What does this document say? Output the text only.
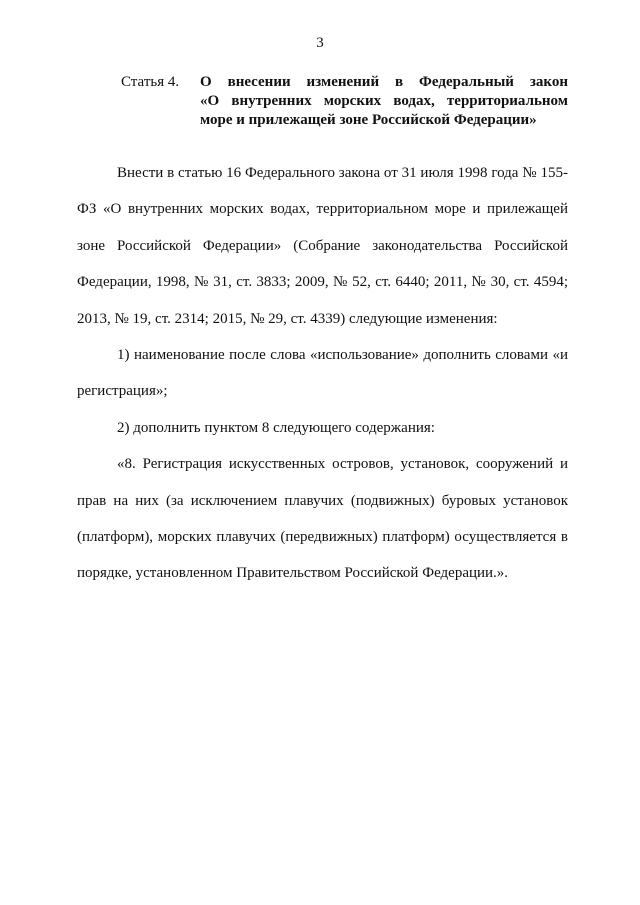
3
Статья 4.	О внесении изменений в Федеральный закон
«О внутренних морских водах, территориальном
море и прилежащей зоне Российской Федерации»

Внести в статью 16 Федерального закона от 31 июля 1998 года № 155-ФЗ «О внутренних морских водах, территориальном море и прилежащей зоне Российской Федерации» (Собрание законодательства Российской Федерации, 1998, № 31, ст. 3833; 2009, № 52, ст. 6440; 2011, № 30, ст. 4594; 2013, № 19, ст. 2314; 2015, № 29, ст. 4339) следующие изменения:

1) наименование после слова «использование» дополнить словами «и регистрация»;

2) дополнить пунктом 8 следующего содержания:

«8. Регистрация искусственных островов, установок, сооружений и прав на них (за исключением плавучих (подвижных) буровых установок (платформ), морских плавучих (передвижных) платформ) осуществляется в порядке, установленном Правительством Российской Федерации.».
